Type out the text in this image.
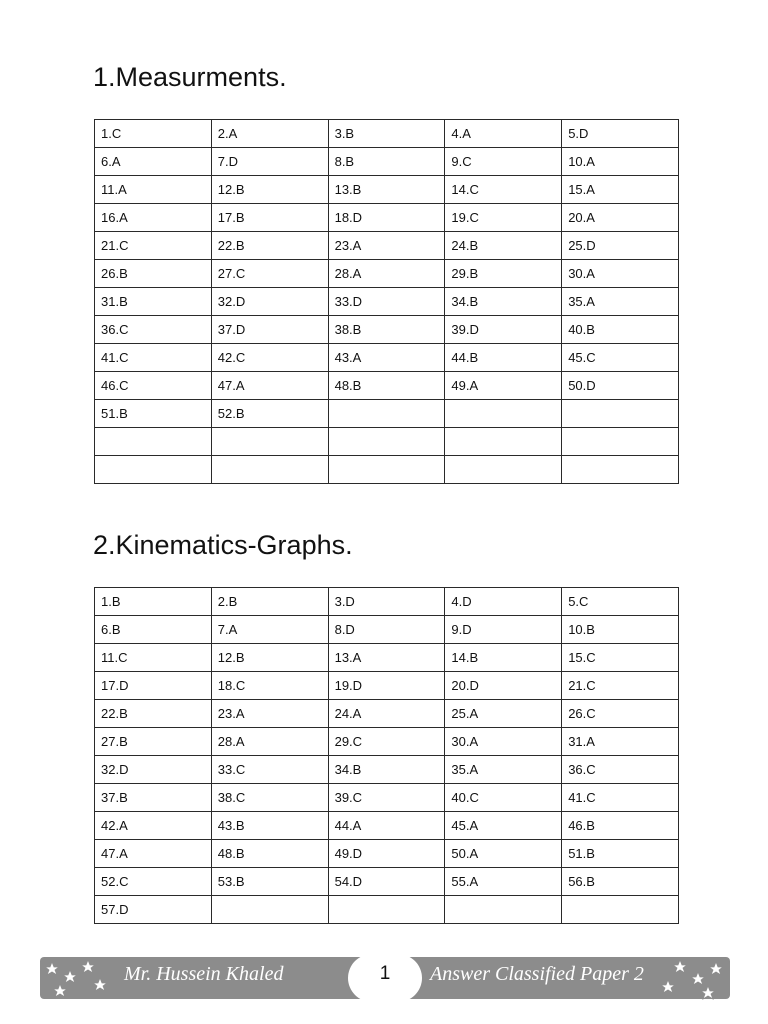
1.Measurments.
1.C	2.A	3.B	4.A	5.D
6.A	7.D	8.B	9.C	10.A
11.A	12.B	13.B	14.C	15.A
16.A	17.B	18.D	19.C	20.A
21.C	22.B	23.A	24.B	25.D
26.B	27.C	28.A	29.B	30.A
31.B	32.D	33.D	34.B	35.A
36.C	37.D	38.B	39.D	40.B
41.C	42.C	43.A	44.B	45.C
46.C	47.A	48.B	49.A	50.D
51.B	52.B			

2.Kinematics-Graphs.
1.B	2.B	3.D	4.D	5.C
6.B	7.A	8.D	9.D	10.B
11.C	12.B	13.A	14.B	15.C
17.D	18.C	19.D	20.D	21.C
22.B	23.A	24.A	25.A	26.C
27.B	28.A	29.C	30.A	31.A
32.D	33.C	34.B	35.A	36.C
37.B	38.C	39.C	40.C	41.C
42.A	43.B	44.A	45.A	46.B
47.A	48.B	49.D	50.A	51.B
52.C	53.B	54.D	55.A	56.B
57.D				
Mr. Hussein Khaled	1	Answer Classified Paper 2
